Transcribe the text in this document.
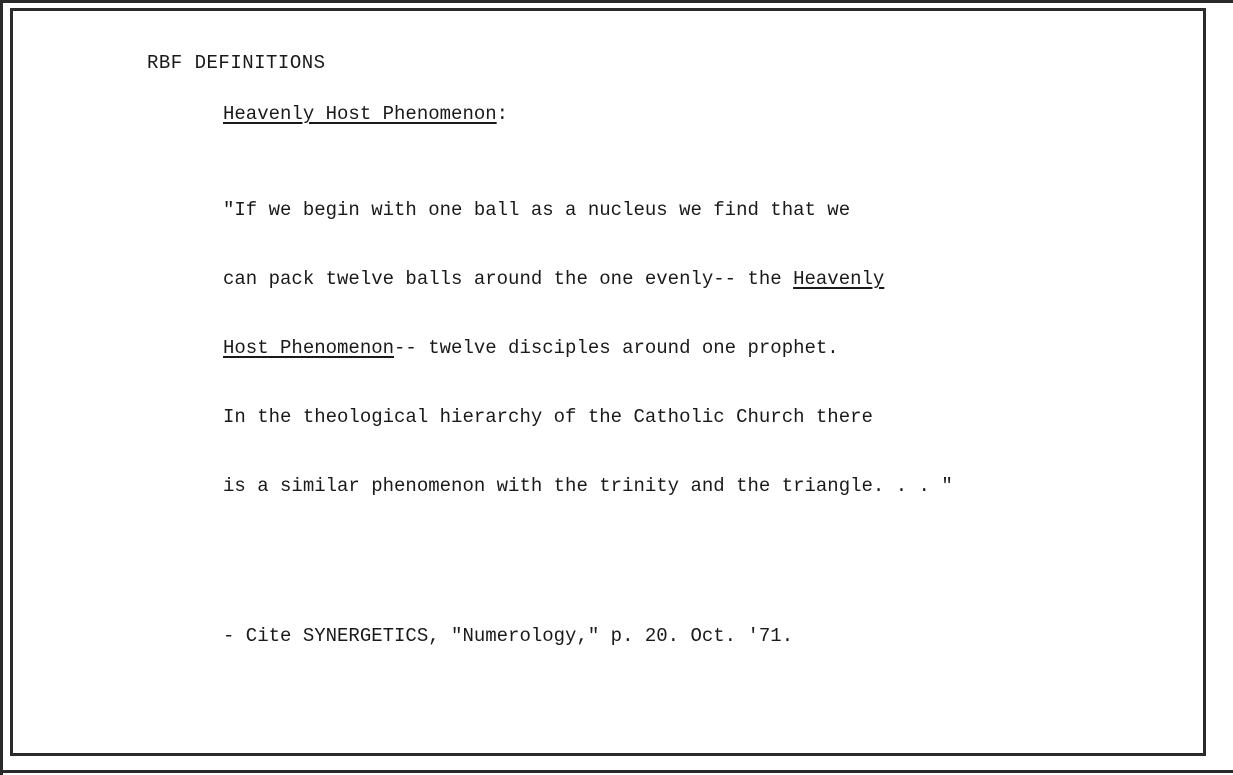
RBF DEFINITIONS
Heavenly Host Phenomenon:

"If we begin with one ball as a nucleus we find that we

can pack twelve balls around the one evenly-- the Heavenly

Host Phenomenon-- twelve disciples around one prophet.

In the theological hierarchy of the Catholic Church there

is a similar phenomenon with the trinity and the triangle. . . "

- Cite SYNERGETICS, "Numerology," p. 20. Oct. '71.
